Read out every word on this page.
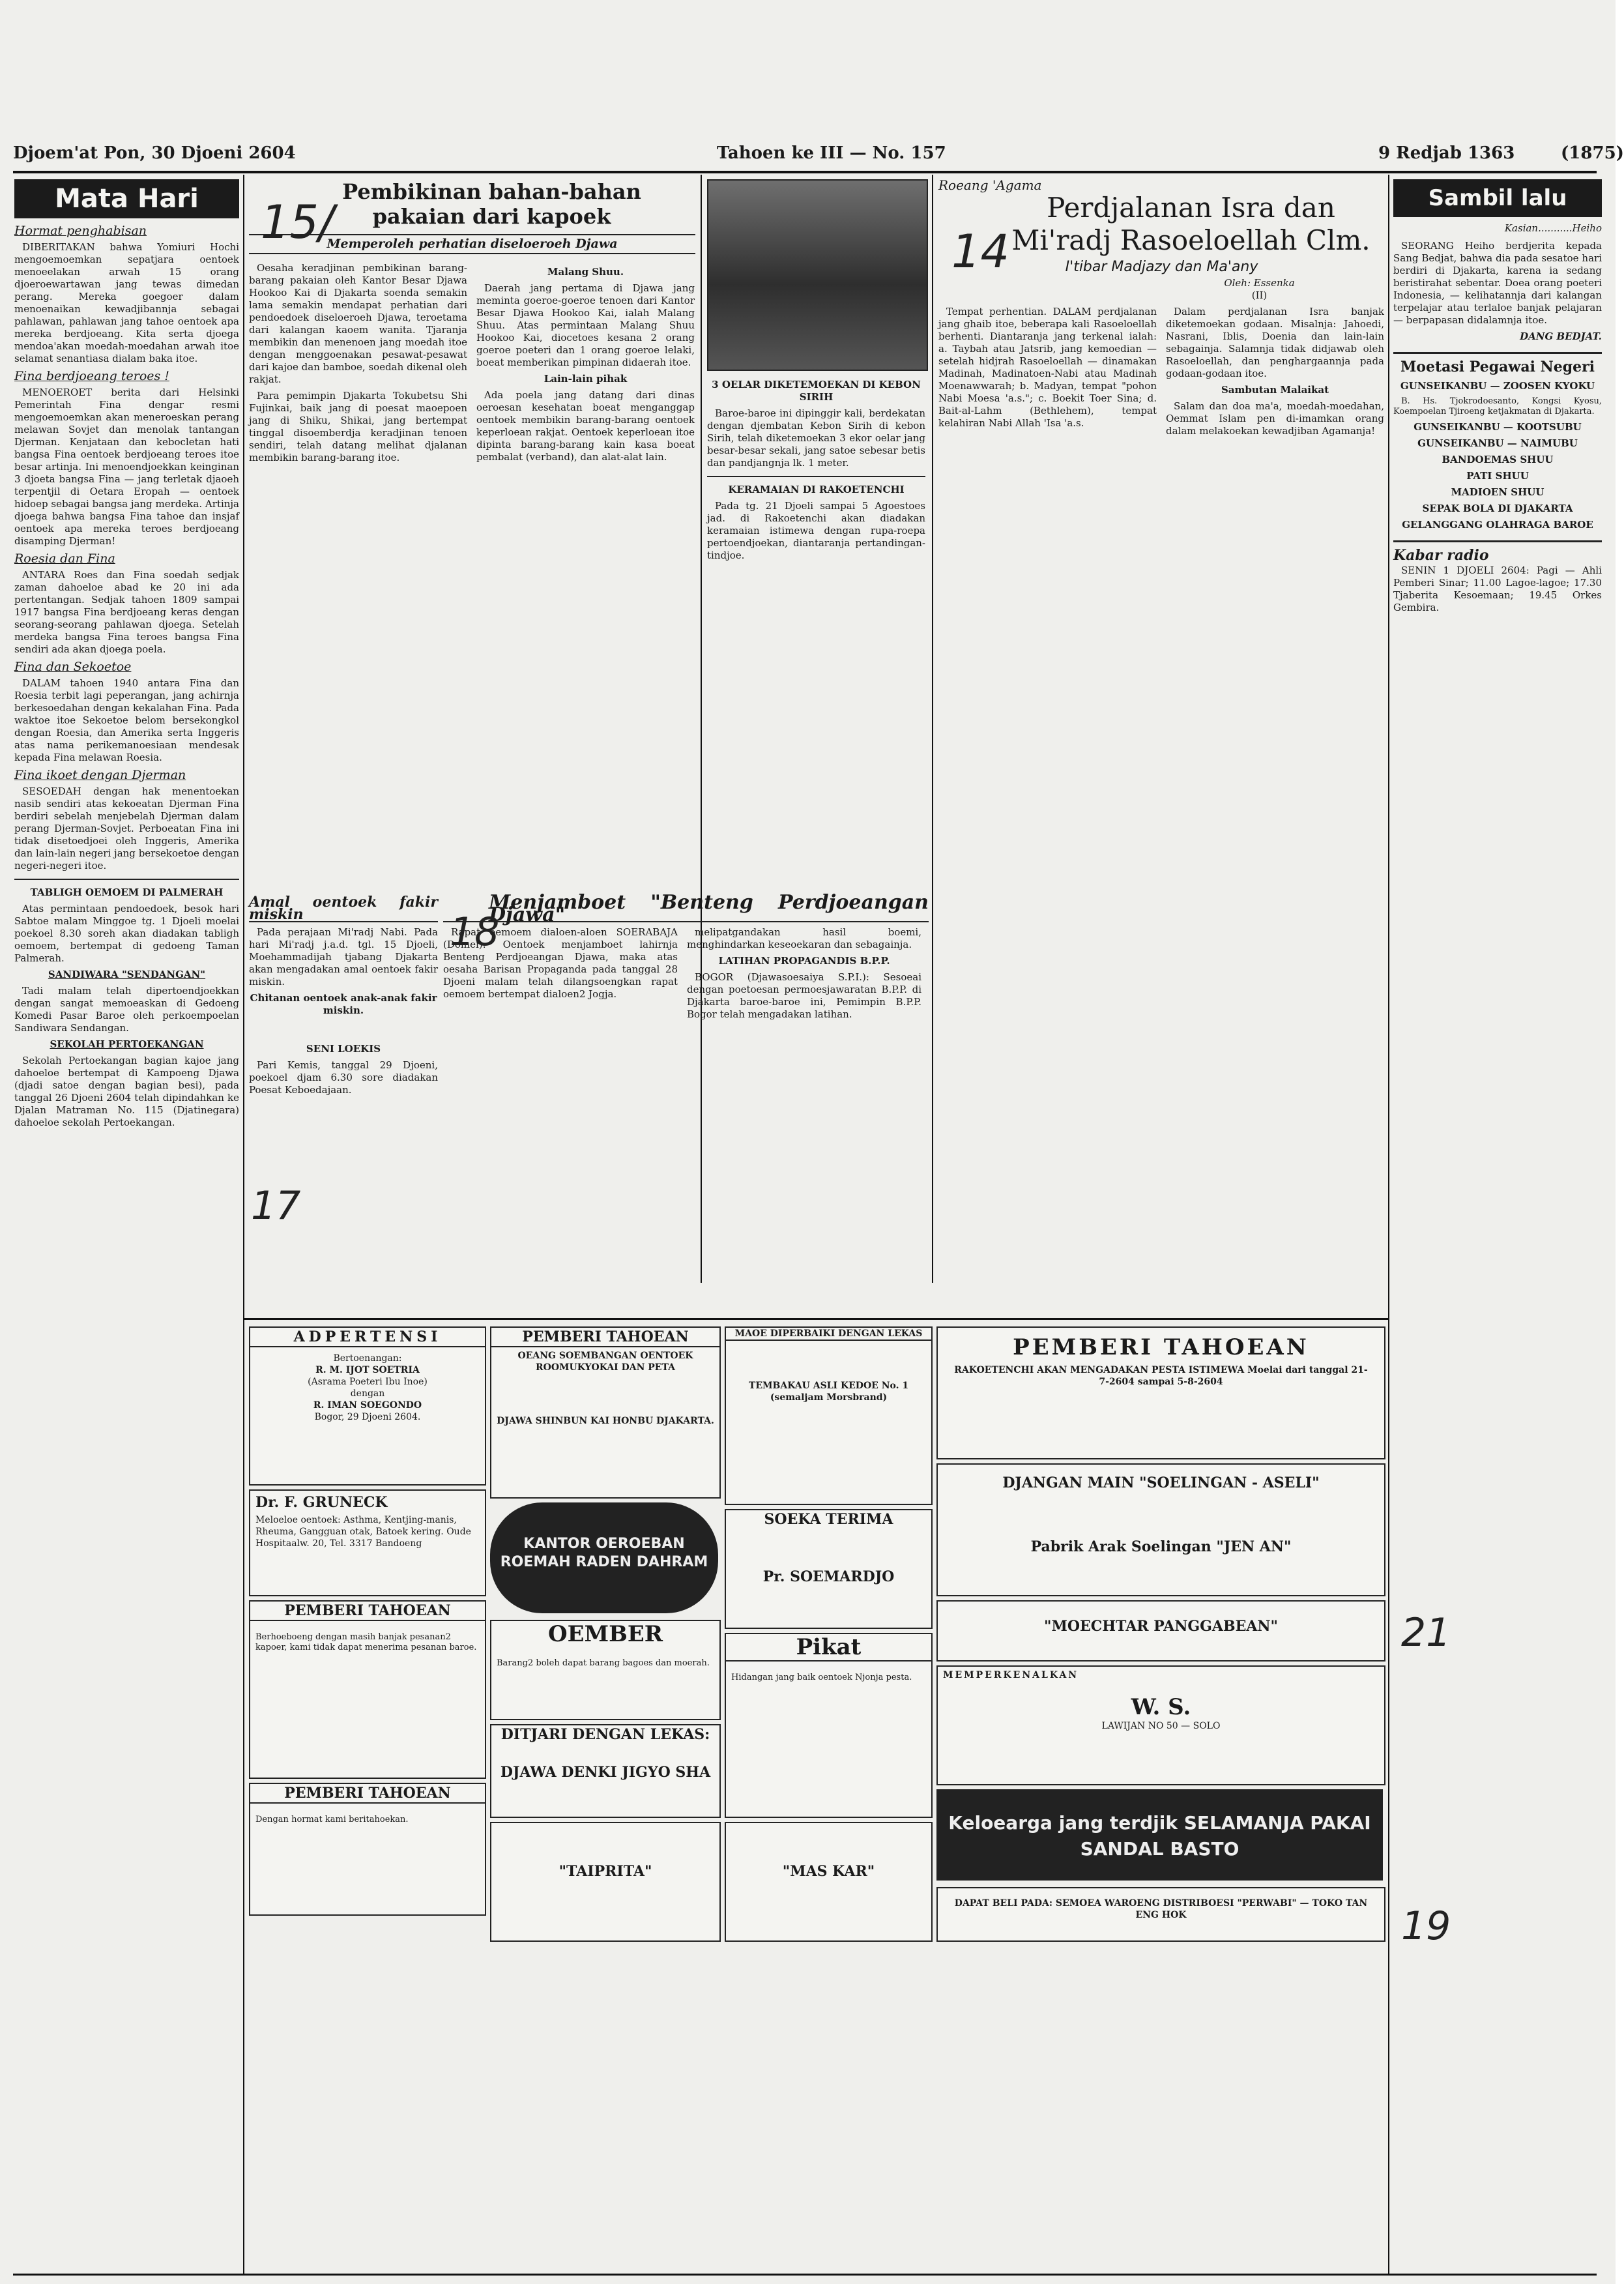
Djoem'at Pon, 30 Djoeni 2604	Tahoen ke III — No. 157	9 Redjab 1363	(1875)
Mata Hari
Hormat penghabisan

DIBERITAKAN bahwa Yomiuri Hochi mengoemoemkan sepatjara oentoek menoeelakan arwah 15 orang djoeroewartawan jang tewas dimedan perang. Mereka goegoer dalam menoenaikan kewadjibannja sebagai pahlawan, pahlawan jang tahoe oentoek apa mereka berdjoeang. Kita serta djoega mendoa'akan moedah-moedahan arwah itoe selamat senantiasa dialam baka itoe.

Fina berdjoeang teroes !

MENOEROET berita dari Helsinki Pemerintah Fina dengar resmi mengoemoemkan akan meneroeskan perang melawan Sovjet dan menolak tantangan Djerman. Kenjataan dan kebocletan hati bangsa Fina oentoek berdjoeang teroes itoe besar artinja. Ini menoendjoekkan keinginan 3 djoeta bangsa Fina — jang terletak djaoeh terpentjil di Oetara Eropah — oentoek hidoep sebagai bangsa jang merdeka. Artinja djoega bahwa bangsa Fina tahoe dan insjaf oentoek apa mereka teroes berdjoeang disamping Djerman!

Roesia dan Fina

ANTARA Roes dan Fina soedah sedjak zaman dahoeloe abad ke 20 ini ada pertentangan. Sedjak tahoen 1809 sampai 1917 bangsa Fina berdjoeang keras dengan seorang-seorang pahlawan djoega. Setelah merdeka bangsa Fina teroes bangsa Fina sendiri ada akan djoega poela.

Fina dan Sekoetoe

DALAM tahoen 1940 antara Fina dan Roesia terbit lagi peperangan, jang achirnja berkesoedahan dengan kekalahan Fina. Pada waktoe itoe Sekoetoe belom bersekongkol dengan Roesia, dan Amerika serta Inggeris atas nama perikemanoesiaan mendesak kepada Fina melawan Roesia.

Fina ikoet dengan Djerman

SESOEDAH dengan hak menentoekan nasib sendiri atas kekoeatan Djerman Fina berdiri sebelah menjebelah Djerman dalam perang Djerman-Sovjet. Perboeatan Fina ini tidak disetoedjoei oleh Inggeris, Amerika dan lain-lain negeri jang bersekoetoe dengan negeri-negeri itoe.

TABLIGH OEMOEM DI PALMERAH

Atas permintaan pendoedoek, besok hari Sabtoe malam Minggoe tg. 1 Djoeli moelai poekoel 8.30 soreh akan diadakan tabligh oemoem, bertempat di gedoeng Taman Palmerah.

SANDIWARA "SENDANGAN"

Tadi malam telah dipertoendjoekkan dengan sangat memoeaskan di Gedoeng Komedi Pasar Baroe oleh perkoempoelan Sandiwara Sendangan.

SEKOLAH PERTOEKANGAN

Sekolah Pertoekangan bagian kajoe jang dahoeloe bertempat di Kampoeng Djawa (djadi satoe dengan bagian besi), pada tanggal 26 Djoeni 2604 telah dipindahkan ke Djalan Matraman No. 115 (Djatinegara) dahoeloe sekolah Pertoekangan.

Pembikinan bahan-bahan pakaian dari kapoek
Memperoleh perhatian diseloeroeh Djawa

Oesaha keradjinan pembikinan barang-barang pakaian oleh Kantor Besar Djawa Hookoo Kai di Djakarta soenda semakin lama semakin mendapat perhatian dari pendoedoek diseloeroeh Djawa, teroetama dari kalangan kaoem wanita. Tjaranja membikin dan menenoen jang moedah itoe dengan menggoenakan pesawat-pesawat dari kajoe dan bamboe, soedah dikenal oleh rakjat.

Para pemimpin Djakarta Tokubetsu Shi Fujinkai, baik jang di poesat maoepoen jang di Shiku, Shikai, jang bertempat tinggal disoemberdja keradjinan tenoen sendiri, telah datang melihat djalanan membikin barang-barang itoe.

Malang Shuu.

Daerah jang pertama di Djawa jang meminta goeroe-goeroe tenoen dari Kantor Besar Djawa Hookoo Kai, ialah Malang Shuu. Atas permintaan Malang Shuu Hookoo Kai, diocetoes kesana 2 orang goeroe poeteri dan 1 orang goeroe lelaki, boeat memberikan pimpinan didaerah itoe.

Lain-lain pihak

Ada poela jang datang dari dinas oeroesan kesehatan boeat menganggap oentoek membikin barang-barang oentoek keperloean rakjat. Oentoek keperloean itoe dipinta barang-barang kain kasa boeat pembalat (verband), dan alat-alat lain.

15/
3 OELAR DIKETEMOEKAN DI KEBON SIRIH

Baroe-baroe ini dipinggir kali, berdekatan dengan djembatan Kebon Sirih di kebon Sirih, telah diketemoekan 3 ekor oelar jang besar-besar sekali, jang satoe sebesar betis dan pandjangnja lk. 1 meter.

KERAMAIAN DI RAKOETENCHI

Pada tg. 21 Djoeli sampai 5 Agoestoes jad. di Rakoetenchi akan diadakan keramaian istimewa dengan rupa-roepa pertoendjoekan, diantaranja pertandingan-tindjoe.

Roeang 'Agama
Perdjalanan Isra dan Mi'radj Rasoeloellah Clm.
I'tibar Madjazy dan Ma'any
Oleh: Essenka
(II)

Tempat perhentian. DALAM perdjalanan jang ghaib itoe, beberapa kali Rasoeloellah berhenti. Diantaranja jang terkenal ialah: a. Taybah atau Jatsrib, jang kemoedian — setelah hidjrah Rasoeloellah — dinamakan Madinah, Madinatoen-Nabi atau Madinah Moenawwarah; b. Madyan, tempat "pohon Nabi Moesa 'a.s."; c. Boekit Toer Sina; d. Bait-al-Lahm (Bethlehem), tempat kelahiran Nabi Allah 'Isa 'a.s.

Dalam perdjalanan Isra banjak diketemoekan godaan. Misalnja: Jahoedi, Nasrani, Iblis, Doenia dan lain-lain sebagainja. Salamnja tidak didjawab oleh Rasoeloellah, dan penghargaannja pada godaan-godaan itoe.

Sambutan Malaikat

Salam dan doa ma'a, moedah-moedahan, Oemmat Islam pen di-imamkan orang dalam melakoekan kewadjiban Agamanja!

14
Sambil lalu
Kasian...........Heiho

SEORANG Heiho berdjerita kepada Sang Bedjat, bahwa dia pada sesatoe hari berdiri di Djakarta, karena ia sedang beristirahat sebentar. Doea orang poeteri Indonesia, — kelihatannja dari kalangan terpelajar atau terlaloe banjak pelajaran — berpapasan didalamnja itoe.

DANG BEDJAT.
Moetasi Pegawai Negeri
GUNSEIKANBU — ZOOSEN KYOKU

B. Hs. Tjokrodoesanto, Kongsi Kyosu, Koempoelan Tjiroeng ketjakmatan di Djakarta.

GUNSEIKANBU — KOOTSUBU
GUNSEIKANBU — NAIMUBU
BANDOEMAS SHUU
PATI SHUU
MADIOEN SHUU
SEPAK BOLA DI DJAKARTA
GELANGGANG OLAHRAGA BAROE
Kabar radio

SENIN 1 DJOELI 2604: Pagi — Ahli Pemberi Sinar; 11.00 Lagoe-lagoe; 17.30 Tjaberita Kesoemaan; 19.45 Orkes Gembira.

Amal oentoek fakir miskin

Pada perajaan Mi'radj Nabi. Pada hari Mi'radj j.a.d. tgl. 15 Djoeli, Moehammadijah tjabang Djakarta akan mengadakan amal oentoek fakir miskin.

Chitanan oentoek anak-anak fakir miskin.
SENI LOEKIS

Pari Kemis, tanggal 29 Djoeni, poekoel djam 6.30 sore diadakan Poesat Keboedajaan.

Menjamboet "Benteng Perdjoeangan Djawa"

Rapat oemoem dialoen-aloen SOERABAJA (Domei): Oentoek menjamboet lahirnja Benteng Perdjoeangan Djawa, maka atas oesaha Barisan Propaganda pada tanggal 28 Djoeni malam telah dilangsoengkan rapat oemoem bertempat dialoen2 Jogja.

melipatgandakan hasil boemi, menghindarkan keseoekaran dan sebagainja.

LATIHAN PROPAGANDIS B.P.P.

BOGOR (Djawasoesaiya S.P.I.): Sesoeai dengan poetoesan permoesjawaratan B.P.P. di Djakarta baroe-baroe ini, Pemimpin B.P.P. Bogor telah mengadakan latihan.

18
17
ADPERTENSI
Bertoenangan:
R. M. IJOT SOETRIA
(Asrama Poeteri Ibu Inoe)
dengan
R. IMAN SOEGONDO
Bogor, 29 Djoeni 2604.
Dr. F. GRUNECK
Meloeloe oentoek: Asthma, Kentjing-manis, Rheuma, Gangguan otak, Batoek kering. Oude Hospitaalw. 20, Tel. 3317 Bandoeng
PEMBERI TAHOEAN

Berhoeboeng dengan masih banjak pesanan2 kapoer, kami tidak dapat menerima pesanan baroe.

PEMBERI TAHOEAN

Dengan hormat kami beritahoekan.

PEMBERI TAHOEAN
OEANG SOEMBANGAN OENTOEK ROOMUKYOKAI DAN PETA
DJAWA SHINBUN KAI HONBU DJAKARTA.
KANTOR OEROEBAN ROEMAH RADEN DAHRAM
OEMBER

Barang2 boleh dapat barang bagoes dan moerah.

DITJARI DENGAN LEKAS:
DJAWA DENKI JIGYO SHA
"TAIPRITA"
MAOE DIPERBAIKI DENGAN LEKAS
TEMBAKAU ASLI KEDOE No. 1 (semaljam Morsbrand)
SOEKA TERIMA
Pr. SOEMARDJO
Pikat

Hidangan jang baik oentoek Njonja pesta.

"MAS KAR"
PEMBERI TAHOEAN
RAKOETENCHI AKAN MENGADAKAN PESTA ISTIMEWA Moelai dari tanggal 21-7-2604 sampai 5-8-2604
DJANGAN MAIN "SOELINGAN - ASELI"
Pabrik Arak Soelingan "JEN AN"
"MOECHTAR PANGGABEAN"
MEMPERKENALKAN
W. S.
LAWIJAN NO 50 — SOLO
Keloearga jang terdjik SELAMANJA PAKAI SANDAL BASTO
DAPAT BELI PADA: SEMOEA WAROENG DISTRIBOESI "PERWABI" — TOKO TAN ENG HOK
21
19
